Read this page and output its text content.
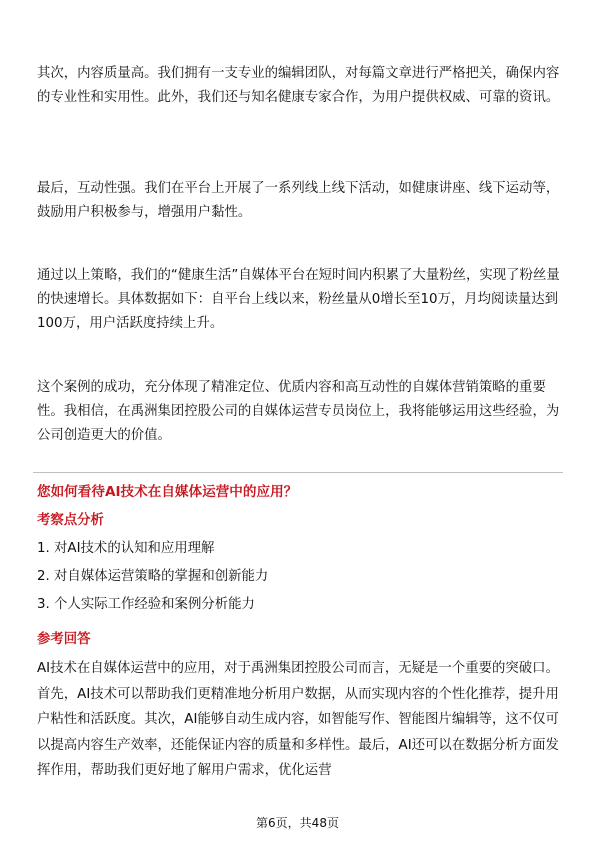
其次，内容质量高。我们拥有一支专业的编辑团队，对每篇文章进行严格把关，确保内容的专业性和实用性。此外，我们还与知名健康专家合作，为用户提供权威、可靠的资讯。

最后，互动性强。我们在平台上开展了一系列线上线下活动，如健康讲座、线下运动等，鼓励用户积极参与，增强用户黏性。

通过以上策略，我们的“健康生活”自媒体平台在短时间内积累了大量粉丝，实现了粉丝量的快速增长。具体数据如下：自平台上线以来，粉丝量从0增长至10万，月均阅读量达到100万，用户活跃度持续上升。

这个案例的成功，充分体现了精准定位、优质内容和高互动性的自媒体营销策略的重要性。我相信，在禹洲集团控股公司的自媒体运营专员岗位上，我将能够运用这些经验，为公司创造更大的价值。

您如何看待AI技术在自媒体运营中的应用？

考察点分析

1. 对AI技术的认知和应用理解
2. 对自媒体运营策略的掌握和创新能力
3. 个人实际工作经验和案例分析能力

参考回答

AI技术在自媒体运营中的应用，对于禹洲集团控股公司而言，无疑是一个重要的突破口。首先，AI技术可以帮助我们更精准地分析用户数据，从而实现内容的个性化推荐，提升用户粘性和活跃度。其次，AI能够自动生成内容，如智能写作、智能图片编辑等，这不仅可以提高内容生产效率，还能保证内容的质量和多样性。最后，AI还可以在数据分析方面发挥作用，帮助我们更好地了解用户需求，优化运营

第6页，共48页
